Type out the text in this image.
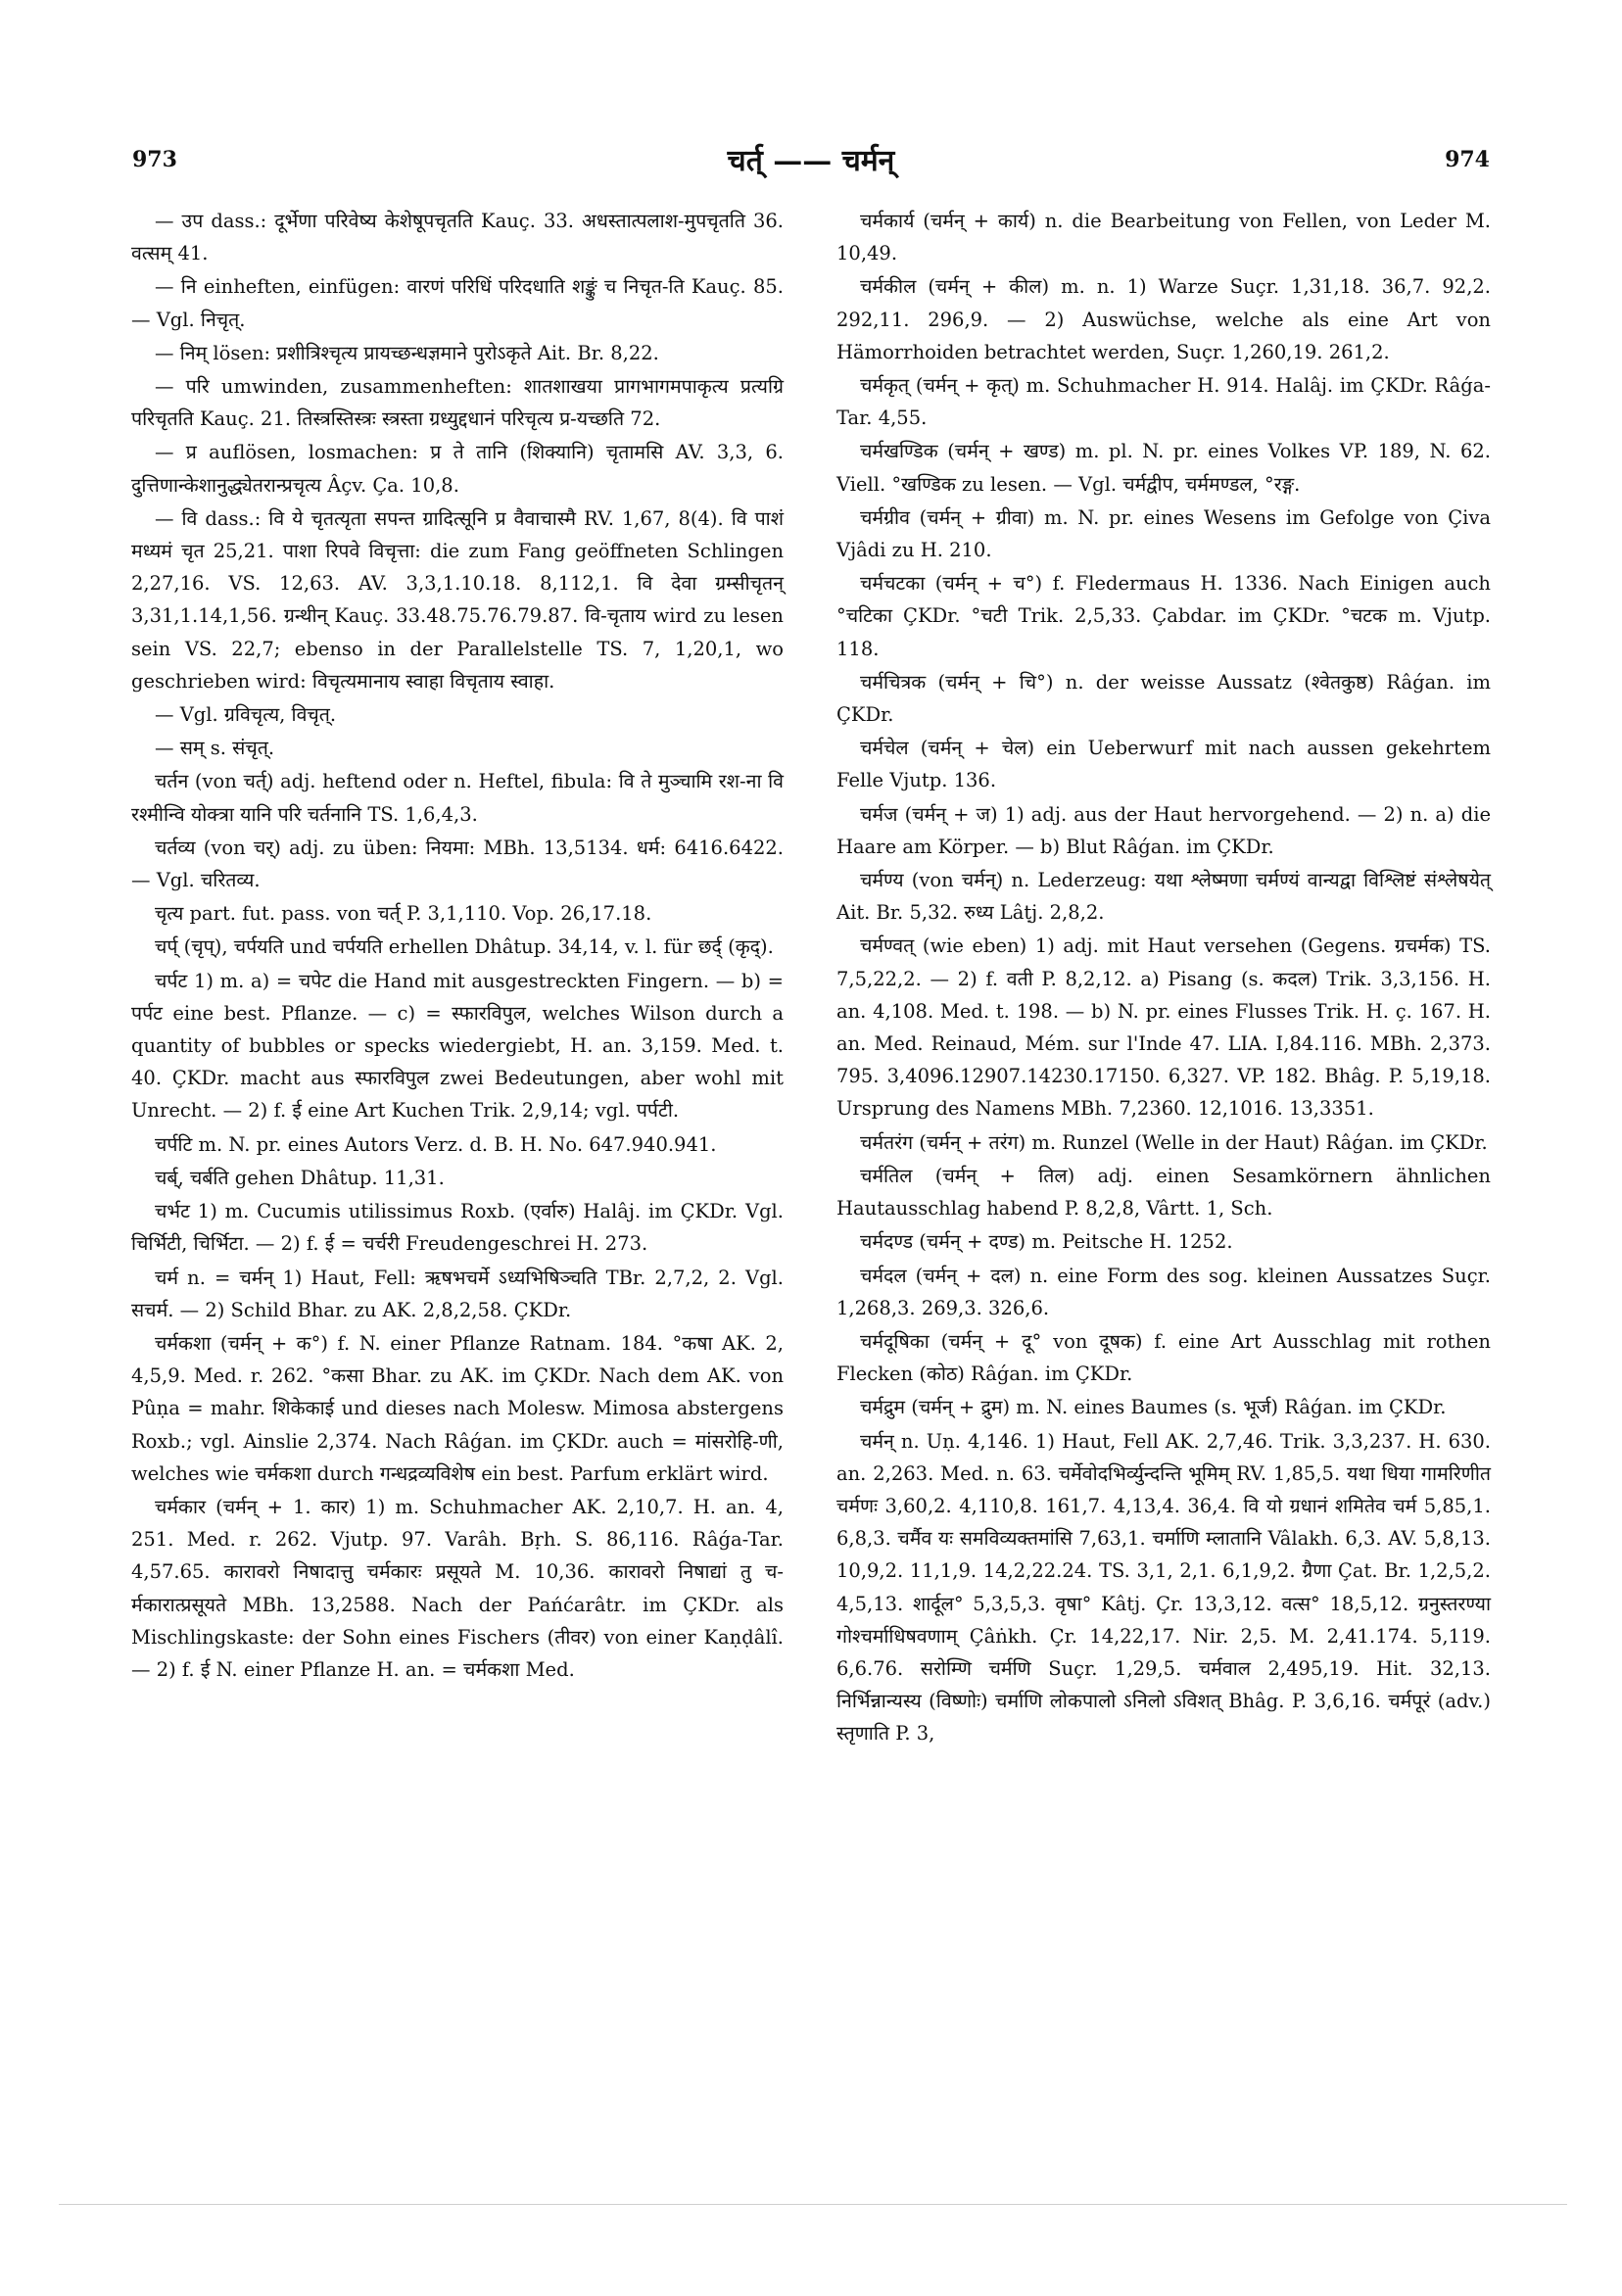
973	चर्त् —— चर्मन्	974

— उप dass.: दूर्भेणा परिवेष्य केशेषूपचृतति Kauç. 33. अधस्तात्पलाश-मुपचृतति 36. वत्सम् 41.

— नि einheften, einfügen: वारणं परिधिं परिदधाति शङ्कुं च निचृत-ति Kauç. 85. — Vgl. निचृत्.

— निम् lösen: प्रशीत्रिश्चृत्य प्रायच्छन्धज्ञमाने पुरोऽकृते Ait. Br. 8,22.

— परि umwinden, zusammenheften: शातशाखया प्रागभागमपाकृत्य प्रत्यग्रि परिचृतति Kauç. 21. तिस्त्रस्तिस्त्रः स्त्रस्ता ग्रध्युद्दधानं परिचृत्य प्र-यच्छति 72.

— प्र auflösen, losmachen: प्र ते तानि (शिक्यानि) चृतामसि AV. 3,3, 6. दुत्तिणान्केशानुद्ध्येतरान्प्रचृत्य Âçv. Ça. 10,8.

— वि dass.: वि ये चृतत्यृता सपन्त ग्रादित्सूनि प्र वैवाचास्मै RV. 1,67, 8(4). वि पाशं मध्यमं चृत 25,21. पाशा रिपवे विचृत्ता: die zum Fang geöffneten Schlingen 2,27,16. VS. 12,63. AV. 3,3,1.10.18. 8,112,1. वि देवा ग्रम्सीचृतन् 3,31,1.14,1,56. ग्रन्थीन् Kauç. 33.48.75.76.79.87. वि-चृताय wird zu lesen sein VS. 22,7; ebenso in der Parallelstelle TS. 7, 1,20,1, wo geschrieben wird: विचृत्यमानाय स्वाहा विचृताय स्वाहा.

— Vgl. ग्रविचृत्य, विचृत्.

— सम् s. संचृत्.

चर्तन (von चर्त्) adj. heftend oder n. Heftel, fibula: वि ते मुञ्चामि रश-ना वि रश्मीन्वि योक्त्रा यानि परि चर्तनानि TS. 1,6,4,3.

चर्तव्य (von चर्) adj. zu üben: नियमा: MBh. 13,5134. धर्म: 6416.6422. — Vgl. चरितव्य.

चृत्य part. fut. pass. von चर्त् P. 3,1,110. Vop. 26,17.18.

चर्प् (चृप्), चर्पयति und चर्पयति erhellen Dhâtup. 34,14, v. l. für छर्द् (कृद्).

चर्पट 1) m. a) = चपेट die Hand mit ausgestreckten Fingern. — b) = पर्पट eine best. Pflanze. — c) = स्फारविपुल, welches Wilson durch a quantity of bubbles or specks wiedergiebt, H. an. 3,159. Med. t. 40. ÇKDr. macht aus स्फारविपुल zwei Bedeutungen, aber wohl mit Unrecht. — 2) f. ई eine Art Kuchen Trik. 2,9,14; vgl. पर्पटी.

चर्पटि m. N. pr. eines Autors Verz. d. B. H. No. 647.940.941.

चर्ब्, चर्बति gehen Dhâtup. 11,31.

चर्भट 1) m. Cucumis utilissimus Roxb. (एर्वारु) Halâj. im ÇKDr. Vgl. चिर्भिटी, चिर्भिटा. — 2) f. ई = चर्चरी Freudengeschrei H. 273.

चर्म n. = चर्मन् 1) Haut, Fell: ऋषभचर्मे ऽध्यभिषिञ्चति TBr. 2,7,2, 2. Vgl. सचर्म. — 2) Schild Bhar. zu AK. 2,8,2,58. ÇKDr.

चर्मकशा (चर्मन् + क°) f. N. einer Pflanze Ratnam. 184. °कषा AK. 2, 4,5,9. Med. r. 262. °कसा Bhar. zu AK. im ÇKDr. Nach dem AK. von Pûṇa = mahr. शिकेकाई und dieses nach Molesw. Mimosa abstergens Roxb.; vgl. Ainslie 2,374. Nach Râǵan. im ÇKDr. auch = मांसरोहि-णी, welches wie चर्मकशा durch गन्धद्रव्यविशेष ein best. Parfum erklärt wird.

चर्मकार (चर्मन् + 1. कार) 1) m. Schuhmacher AK. 2,10,7. H. an. 4, 251. Med. r. 262. Vjutp. 97. Varâh. Bṛh. S. 86,116. Râǵa-Tar. 4,57.65. कारावरो निषादात्तु चर्मकारः प्रसूयते M. 10,36. कारावरो निषाद्यां तु च-र्मकारात्प्रसूयते MBh. 13,2588. Nach der Pańćarâtr. im ÇKDr. als Mischlingskaste: der Sohn eines Fischers (तीवर) von einer Kaṇḍâlî. — 2) f. ई N. einer Pflanze H. an. = चर्मकशा Med.

चर्मकार्य (चर्मन् + कार्य) n. die Bearbeitung von Fellen, von Leder M. 10,49.

चर्मकील (चर्मन् + कील) m. n. 1) Warze Suçr. 1,31,18. 36,7. 92,2. 292,11. 296,9. — 2) Auswüchse, welche als eine Art von Hämorrhoiden betrachtet werden, Suçr. 1,260,19. 261,2.

चर्मकृत् (चर्मन् + कृत्) m. Schuhmacher H. 914. Halâj. im ÇKDr. Râǵa-Tar. 4,55.

चर्मखण्डिक (चर्मन् + खण्ड) m. pl. N. pr. eines Volkes VP. 189, N. 62. Viell. °खण्डिक zu lesen. — Vgl. चर्मद्वीप, चर्ममण्डल, °रङ्ग.

चर्मग्रीव (चर्मन् + ग्रीवा) m. N. pr. eines Wesens im Gefolge von Çiva Vjâdi zu H. 210.

चर्मचटका (चर्मन् + च°) f. Fledermaus H. 1336. Nach Einigen auch °चटिका ÇKDr. °चटी Trik. 2,5,33. Çabdar. im ÇKDr. °चटक m. Vjutp. 118.

चर्मचित्रक (चर्मन् + चि°) n. der weisse Aussatz (श्वेतकुष्ठ) Râǵan. im ÇKDr.

चर्मचेल (चर्मन् + चेल) ein Ueberwurf mit nach aussen gekehrtem Felle Vjutp. 136.

चर्मज (चर्मन् + ज) 1) adj. aus der Haut hervorgehend. — 2) n. a) die Haare am Körper. — b) Blut Râǵan. im ÇKDr.

चर्मण्य (von चर्मन्) n. Lederzeug: यथा श्लेष्मणा चर्मण्यं वान्यद्वा विश्लिष्टं संश्लेषयेत् Ait. Br. 5,32. रुध्य Lâṭj. 2,8,2.

चर्मण्वत् (wie eben) 1) adj. mit Haut versehen (Gegens. ग्रचर्मक) TS. 7,5,22,2. — 2) f. वती P. 8,2,12. a) Pisang (s. कदल) Trik. 3,3,156. H. an. 4,108. Med. t. 198. — b) N. pr. eines Flusses Trik. H. ç. 167. H. an. Med. Reinaud, Mém. sur l'Inde 47. LIA. I,84.116. MBh. 2,373. 795. 3,4096.12907.14230.17150. 6,327. VP. 182. Bhâg. P. 5,19,18. Ursprung des Namens MBh. 7,2360. 12,1016. 13,3351.

चर्मतरंग (चर्मन् + तरंग) m. Runzel (Welle in der Haut) Râǵan. im ÇKDr.

चर्मतिल (चर्मन् + तिल) adj. einen Sesamkörnern ähnlichen Hautausschlag habend P. 8,2,8, Vârtt. 1, Sch.

चर्मदण्ड (चर्मन् + दण्ड) m. Peitsche H. 1252.

चर्मदल (चर्मन् + दल) n. eine Form des sog. kleinen Aussatzes Suçr. 1,268,3. 269,3. 326,6.

चर्मदूषिका (चर्मन् + दू° von दूषक) f. eine Art Ausschlag mit rothen Flecken (कोठ) Râǵan. im ÇKDr.

चर्मद्रुम (चर्मन् + द्रुम) m. N. eines Baumes (s. भूर्ज) Râǵan. im ÇKDr.

चर्मन् n. Uṇ. 4,146. 1) Haut, Fell AK. 2,7,46. Trik. 3,3,237. H. 630. an. 2,263. Med. n. 63. चर्मेवोदभिर्व्युन्दन्ति भूमिम् RV. 1,85,5. यथा धिया गामरिणीत चर्मणः 3,60,2. 4,110,8. 161,7. 4,13,4. 36,4. वि यो ग्रधानं शमितेव चर्म 5,85,1. 6,8,3. चर्मैव यः समविव्यक्तमांसि 7,63,1. चर्माणि म्लातानि Vâlakh. 6,3. AV. 5,8,13. 10,9,2. 11,1,9. 14,2,22.24. TS. 3,1, 2,1. 6,1,9,2. ग्रैणा Çat. Br. 1,2,5,2. 4,5,13. शार्दूल° 5,3,5,3. वृषा° Kâtj. Çr. 13,3,12. वत्स° 18,5,12. ग्रनुस्तरण्या गोश्चर्माधिषवणाम् Çâṅkh. Çr. 14,22,17. Nir. 2,5. M. 2,41.174. 5,119. 6,6.76. सरोम्णि चर्मणि Suçr. 1,29,5. चर्मवाल 2,495,19. Hit. 32,13. निर्भिन्नान्यस्य (विष्णोः) चर्माणि लोकपालो ऽनिलो ऽविशत् Bhâg. P. 3,6,16. चर्मपूरं (adv.) स्तृणाति P. 3,
